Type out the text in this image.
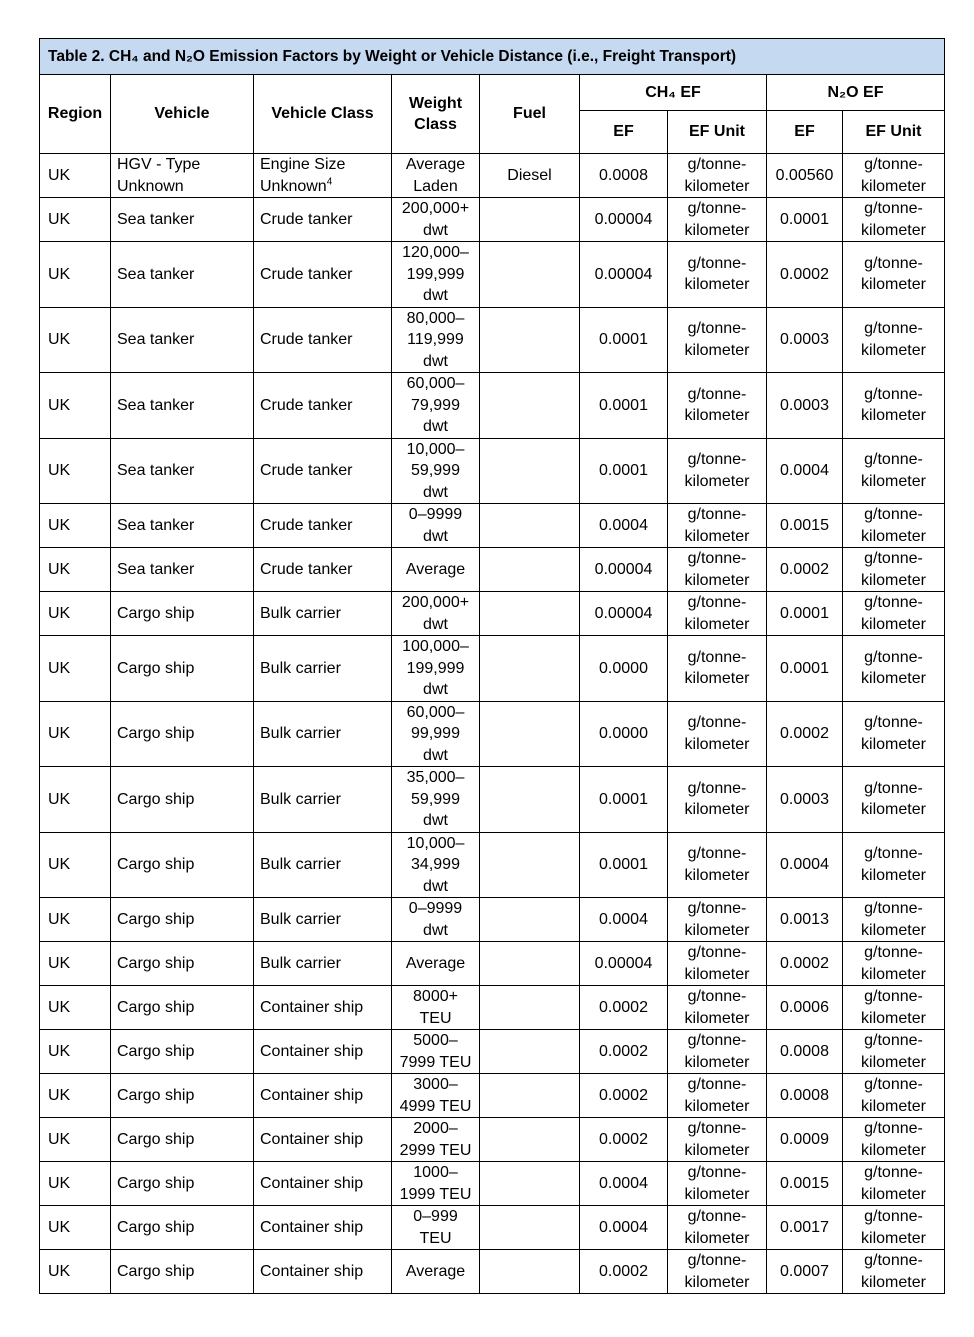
Table 2. CH₄ and N₂O Emission Factors by Weight or Vehicle Distance (i.e., Freight Transport)								
Region	Vehicle	Vehicle Class	Weight Class	Fuel	CH₄ EF		N₂O EF	
					EF	EF Unit	EF	EF Unit
UK	HGV - Type Unknown	Engine Size Unknown$^4$	Average Laden	Diesel	0.0008	g/tonne-kilometer	0.00560	g/tonne-kilometer
UK	Sea tanker	Crude tanker	200,000+ dwt		0.00004	g/tonne-kilometer	0.0001	g/tonne-kilometer
UK	Sea tanker	Crude tanker	120,000–199,999 dwt		0.00004	g/tonne-kilometer	0.0002	g/tonne-kilometer
UK	Sea tanker	Crude tanker	80,000–119,999 dwt		0.0001	g/tonne-kilometer	0.0003	g/tonne-kilometer
UK	Sea tanker	Crude tanker	60,000–79,999 dwt		0.0001	g/tonne-kilometer	0.0003	g/tonne-kilometer
UK	Sea tanker	Crude tanker	10,000–59,999 dwt		0.0001	g/tonne-kilometer	0.0004	g/tonne-kilometer
UK	Sea tanker	Crude tanker	0–9999 dwt		0.0004	g/tonne-kilometer	0.0015	g/tonne-kilometer
UK	Sea tanker	Crude tanker	Average		0.00004	g/tonne-kilometer	0.0002	g/tonne-kilometer
UK	Cargo ship	Bulk carrier	200,000+ dwt		0.00004	g/tonne-kilometer	0.0001	g/tonne-kilometer
UK	Cargo ship	Bulk carrier	100,000–199,999 dwt		0.0000	g/tonne-kilometer	0.0001	g/tonne-kilometer
UK	Cargo ship	Bulk carrier	60,000–99,999 dwt		0.0000	g/tonne-kilometer	0.0002	g/tonne-kilometer
UK	Cargo ship	Bulk carrier	35,000–59,999 dwt		0.0001	g/tonne-kilometer	0.0003	g/tonne-kilometer
UK	Cargo ship	Bulk carrier	10,000–34,999 dwt		0.0001	g/tonne-kilometer	0.0004	g/tonne-kilometer
UK	Cargo ship	Bulk carrier	0–9999 dwt		0.0004	g/tonne-kilometer	0.0013	g/tonne-kilometer
UK	Cargo ship	Bulk carrier	Average		0.00004	g/tonne-kilometer	0.0002	g/tonne-kilometer
UK	Cargo ship	Container ship	8000+ TEU		0.0002	g/tonne-kilometer	0.0006	g/tonne-kilometer
UK	Cargo ship	Container ship	5000–7999 TEU		0.0002	g/tonne-kilometer	0.0008	g/tonne-kilometer
UK	Cargo ship	Container ship	3000–4999 TEU		0.0002	g/tonne-kilometer	0.0008	g/tonne-kilometer
UK	Cargo ship	Container ship	2000–2999 TEU		0.0002	g/tonne-kilometer	0.0009	g/tonne-kilometer
UK	Cargo ship	Container ship	1000–1999 TEU		0.0004	g/tonne-kilometer	0.0015	g/tonne-kilometer
UK	Cargo ship	Container ship	0–999 TEU		0.0004	g/tonne-kilometer	0.0017	g/tonne-kilometer
UK	Cargo ship	Container ship	Average		0.0002	g/tonne-kilometer	0.0007	g/tonne-kilometer
